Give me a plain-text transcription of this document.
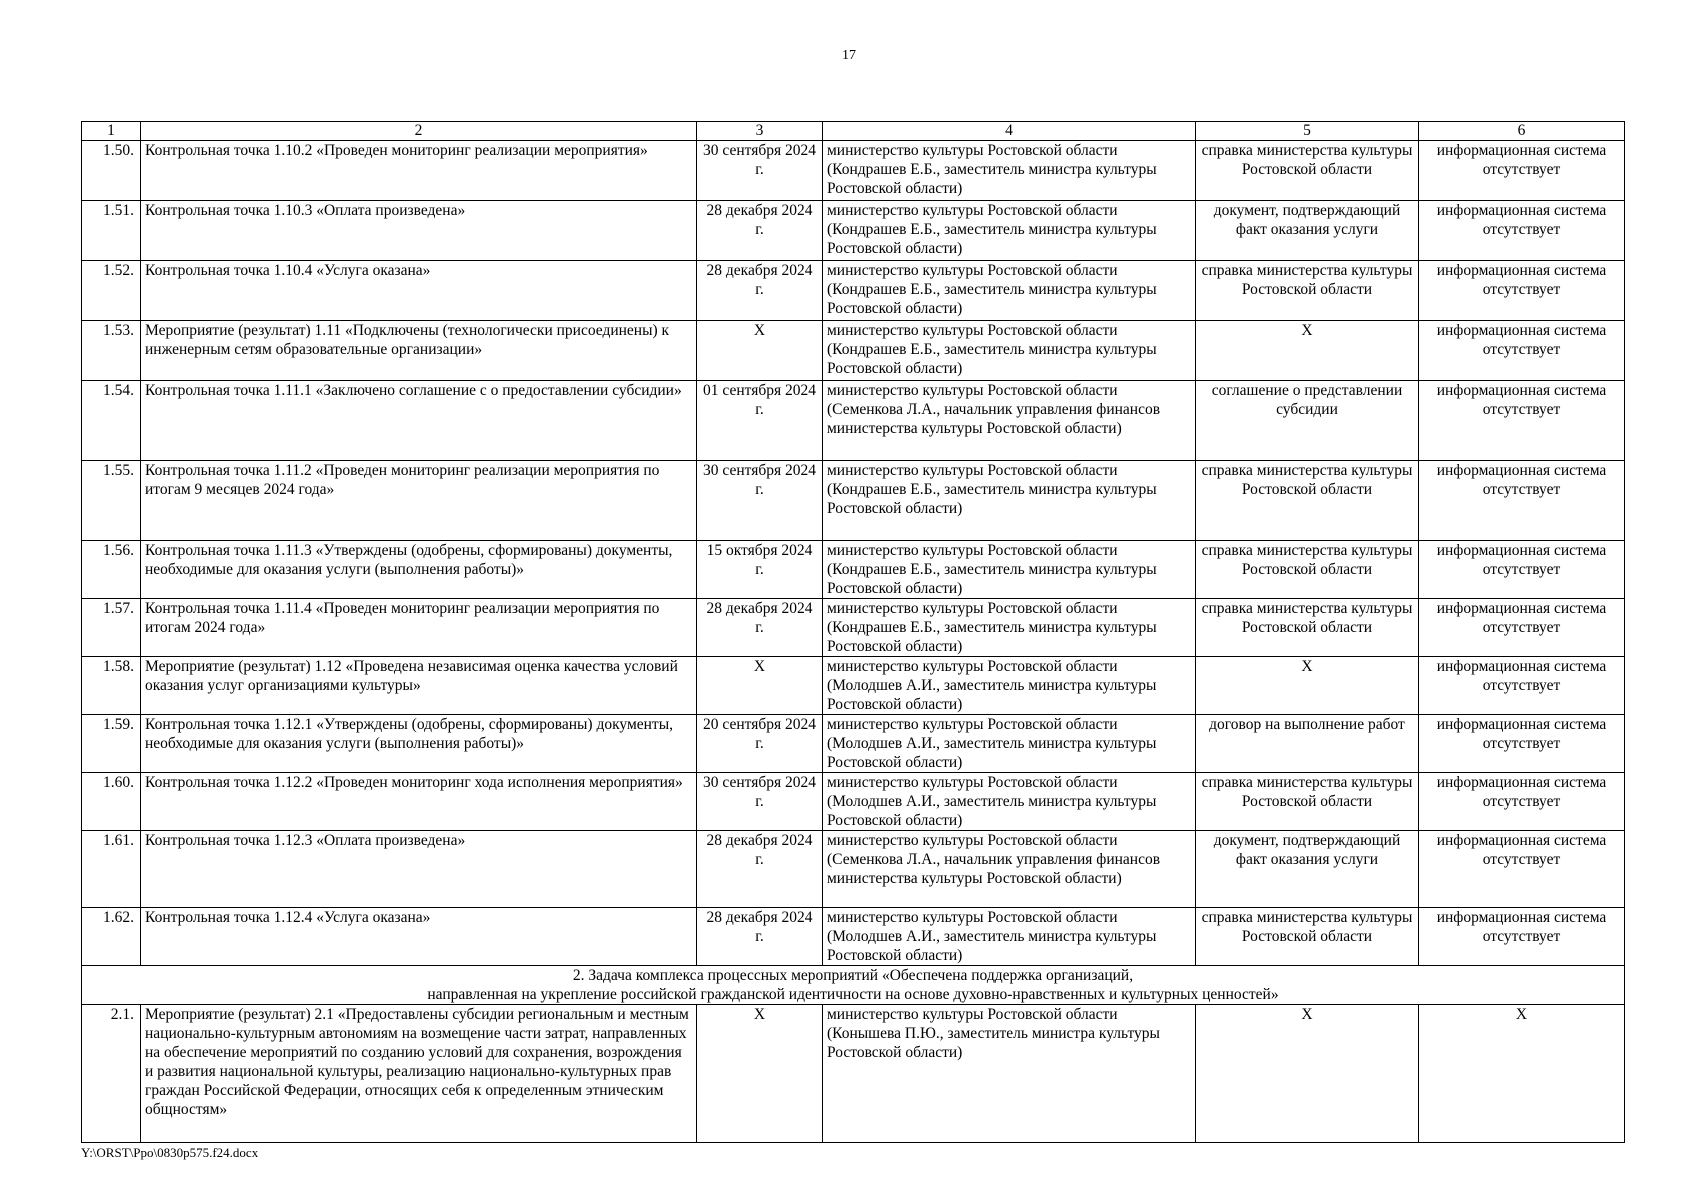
17
1	2	3	4	5	6
1.50.	Контрольная точка 1.10.2 «Проведен мониторинг реализации мероприятия»	30 сентября 2024 г.	министерство культуры Ростовской области (Кондрашев Е.Б., заместитель министра культуры Ростовской области)	справка министерства культуры Ростовской области	информационная система отсутствует
1.51.	Контрольная точка 1.10.3 «Оплата произведена»	28 декабря 2024 г.	министерство культуры Ростовской области (Кондрашев Е.Б., заместитель министра культуры Ростовской области)	документ, подтверждающий факт оказания услуги	информационная система отсутствует
1.52.	Контрольная точка 1.10.4 «Услуга оказана»	28 декабря 2024 г.	министерство культуры Ростовской области (Кондрашев Е.Б., заместитель министра культуры Ростовской области)	справка министерства культуры Ростовской области	информационная система отсутствует
1.53.	Мероприятие (результат) 1.11 «Подключены (технологически присоединены) к инженерным сетям образовательные организации»	X	министерство культуры Ростовской области (Кондрашев Е.Б., заместитель министра культуры Ростовской области)	X	информационная система отсутствует
1.54.	Контрольная точка 1.11.1 «Заключено соглашение с о предоставлении субсидии»	01 сентября 2024 г.	министерство культуры Ростовской области (Семенкова Л.А., начальник управления финансов министерства культуры Ростовской области)	соглашение о представлении субсидии	информационная система отсутствует
1.55.	Контрольная точка 1.11.2 «Проведен мониторинг реализации мероприятия по итогам 9 месяцев 2024 года»	30 сентября 2024 г.	министерство культуры Ростовской области (Кондрашев Е.Б., заместитель министра культуры Ростовской области)	справка министерства культуры Ростовской области	информационная система отсутствует
1.56.	Контрольная точка 1.11.3 «Утверждены (одобрены, сформированы) документы, необходимые для оказания услуги (выполнения работы)»	15 октября 2024 г.	министерство культуры Ростовской области (Кондрашев Е.Б., заместитель министра культуры Ростовской области)	справка министерства культуры Ростовской области	информационная система отсутствует
1.57.	Контрольная точка 1.11.4 «Проведен мониторинг реализации мероприятия по итогам 2024 года»	28 декабря 2024 г.	министерство культуры Ростовской области (Кондрашев Е.Б., заместитель министра культуры Ростовской области)	справка министерства культуры Ростовской области	информационная система отсутствует
1.58.	Мероприятие (результат) 1.12 «Проведена независимая оценка качества условий оказания услуг организациями культуры»	X	министерство культуры Ростовской области (Молодшев А.И., заместитель министра культуры Ростовской области)	X	информационная система отсутствует
1.59.	Контрольная точка 1.12.1 «Утверждены (одобрены, сформированы) документы, необходимые для оказания услуги (выполнения работы)»	20 сентября 2024 г.	министерство культуры Ростовской области (Молодшев А.И., заместитель министра культуры Ростовской области)	договор на выполнение работ	информационная система отсутствует
1.60.	Контрольная точка 1.12.2 «Проведен мониторинг хода исполнения мероприятия»	30 сентября 2024 г.	министерство культуры Ростовской области (Молодшев А.И., заместитель министра культуры Ростовской области)	справка министерства культуры Ростовской области	информационная система отсутствует
1.61.	Контрольная точка 1.12.3 «Оплата произведена»	28 декабря 2024 г.	министерство культуры Ростовской области (Семенкова Л.А., начальник управления финансов министерства культуры Ростовской области)	документ, подтверждающий факт оказания услуги	информационная система отсутствует
1.62.	Контрольная точка 1.12.4 «Услуга оказана»	28 декабря 2024 г.	министерство культуры Ростовской области (Молодшев А.И., заместитель министра культуры Ростовской области)	справка министерства культуры Ростовской области	информационная система отсутствует

2. Задача комплекса процессных мероприятий «Обеспечена поддержка организаций,
направленная на укрепление российской гражданской идентичности на основе духовно-нравственных и культурных ценностей»					

2.1.	Мероприятие (результат) 2.1 «Предоставлены субсидии региональным и местным национально-культурным автономиям на возмещение части затрат, направленных на обеспечение мероприятий по созданию условий для сохранения, возрождения и развития национальной культуры, реализацию национально-культурных прав граждан Российской Федерации, относящих себя к определенным этническим общностям»	X	министерство культуры Ростовской области (Конышева П.Ю., заместитель министра культуры Ростовской области)	X	X
Y:\ORST\Ppo\0830p575.f24.docx
